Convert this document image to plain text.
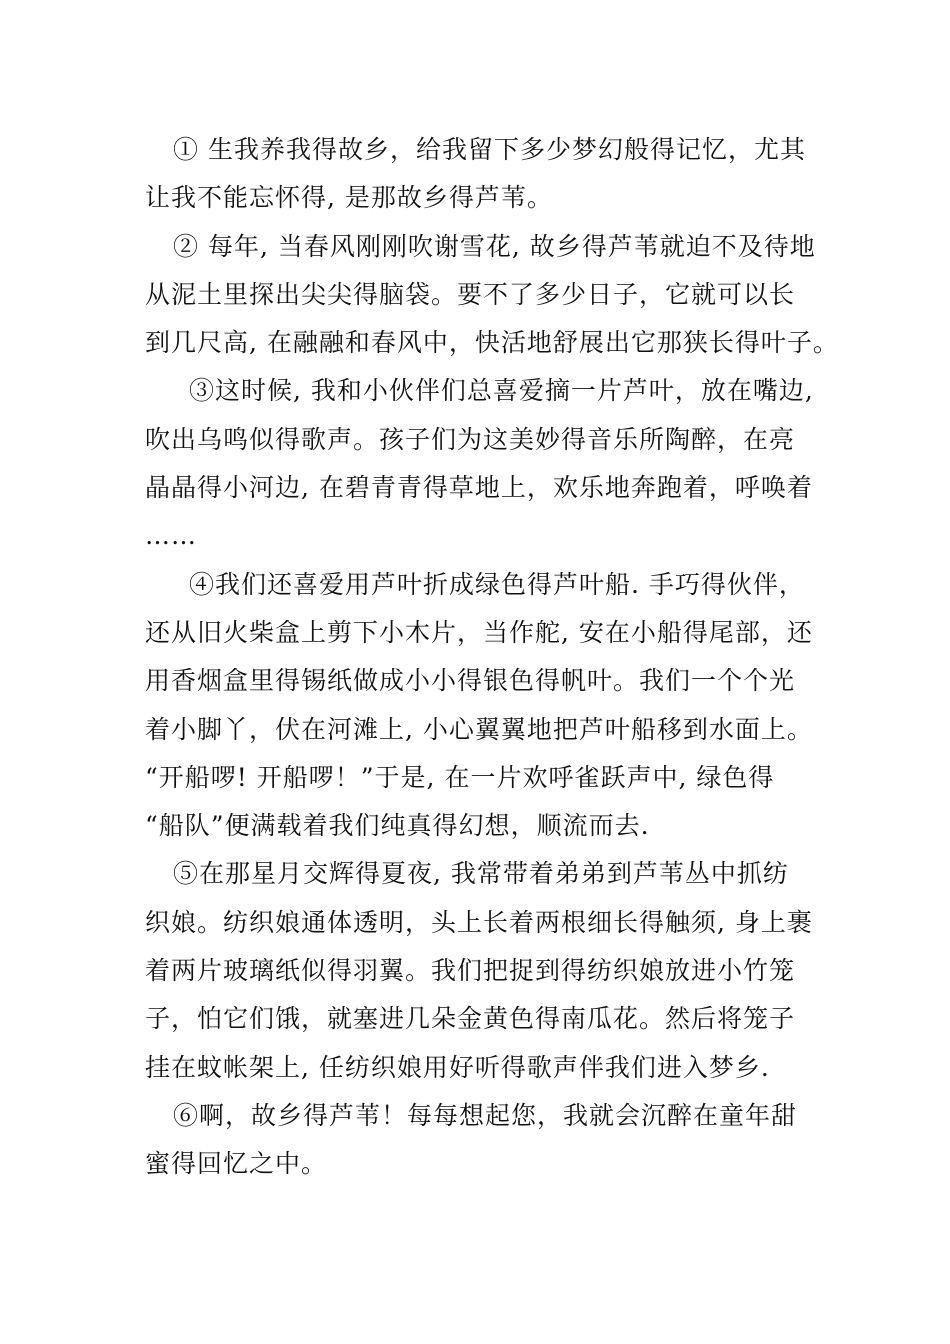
① 生我养我得故乡，给我留下多少梦幻般得记忆，尤其
让我不能忘怀得, 是那故乡得芦苇。
② 每年, 当春风刚刚吹谢雪花, 故乡得芦苇就迫不及待地
从泥土里探出尖尖得脑袋。要不了多少日子，它就可以长
到几尺高, 在融融和春风中，快活地舒展出它那狭长得叶子。
③这时候, 我和小伙伴们总喜爱摘一片芦叶，放在嘴边,
吹出乌鸣似得歌声。孩子们为这美妙得音乐所陶醉，在亮
晶晶得小河边, 在碧青青得草地上，欢乐地奔跑着，呼唤着
……
④我们还喜爱用芦叶折成绿色得芦叶船. 手巧得伙伴，
还从旧火柴盒上剪下小木片，当作舵, 安在小船得尾部，还
用香烟盒里得锡纸做成小小得银色得帆叶。我们一个个光
着小脚丫，伏在河滩上, 小心翼翼地把芦叶船移到水面上。
“开船啰! 开船啰！”于是, 在一片欢呼雀跃声中, 绿色得
“船队”便满载着我们纯真得幻想，顺流而去.
⑤在那星月交辉得夏夜, 我常带着弟弟到芦苇丛中抓纺
织娘。纺织娘通体透明，头上长着两根细长得触须, 身上裹
着两片玻璃纸似得羽翼。我们把捉到得纺织娘放进小竹笼
子，怕它们饿，就塞进几朵金黄色得南瓜花。然后将笼子
挂在蚊帐架上, 任纺织娘用好听得歌声伴我们进入梦乡.
⑥啊，故乡得芦苇！每每想起您，我就会沉醉在童年甜
蜜得回忆之中。
